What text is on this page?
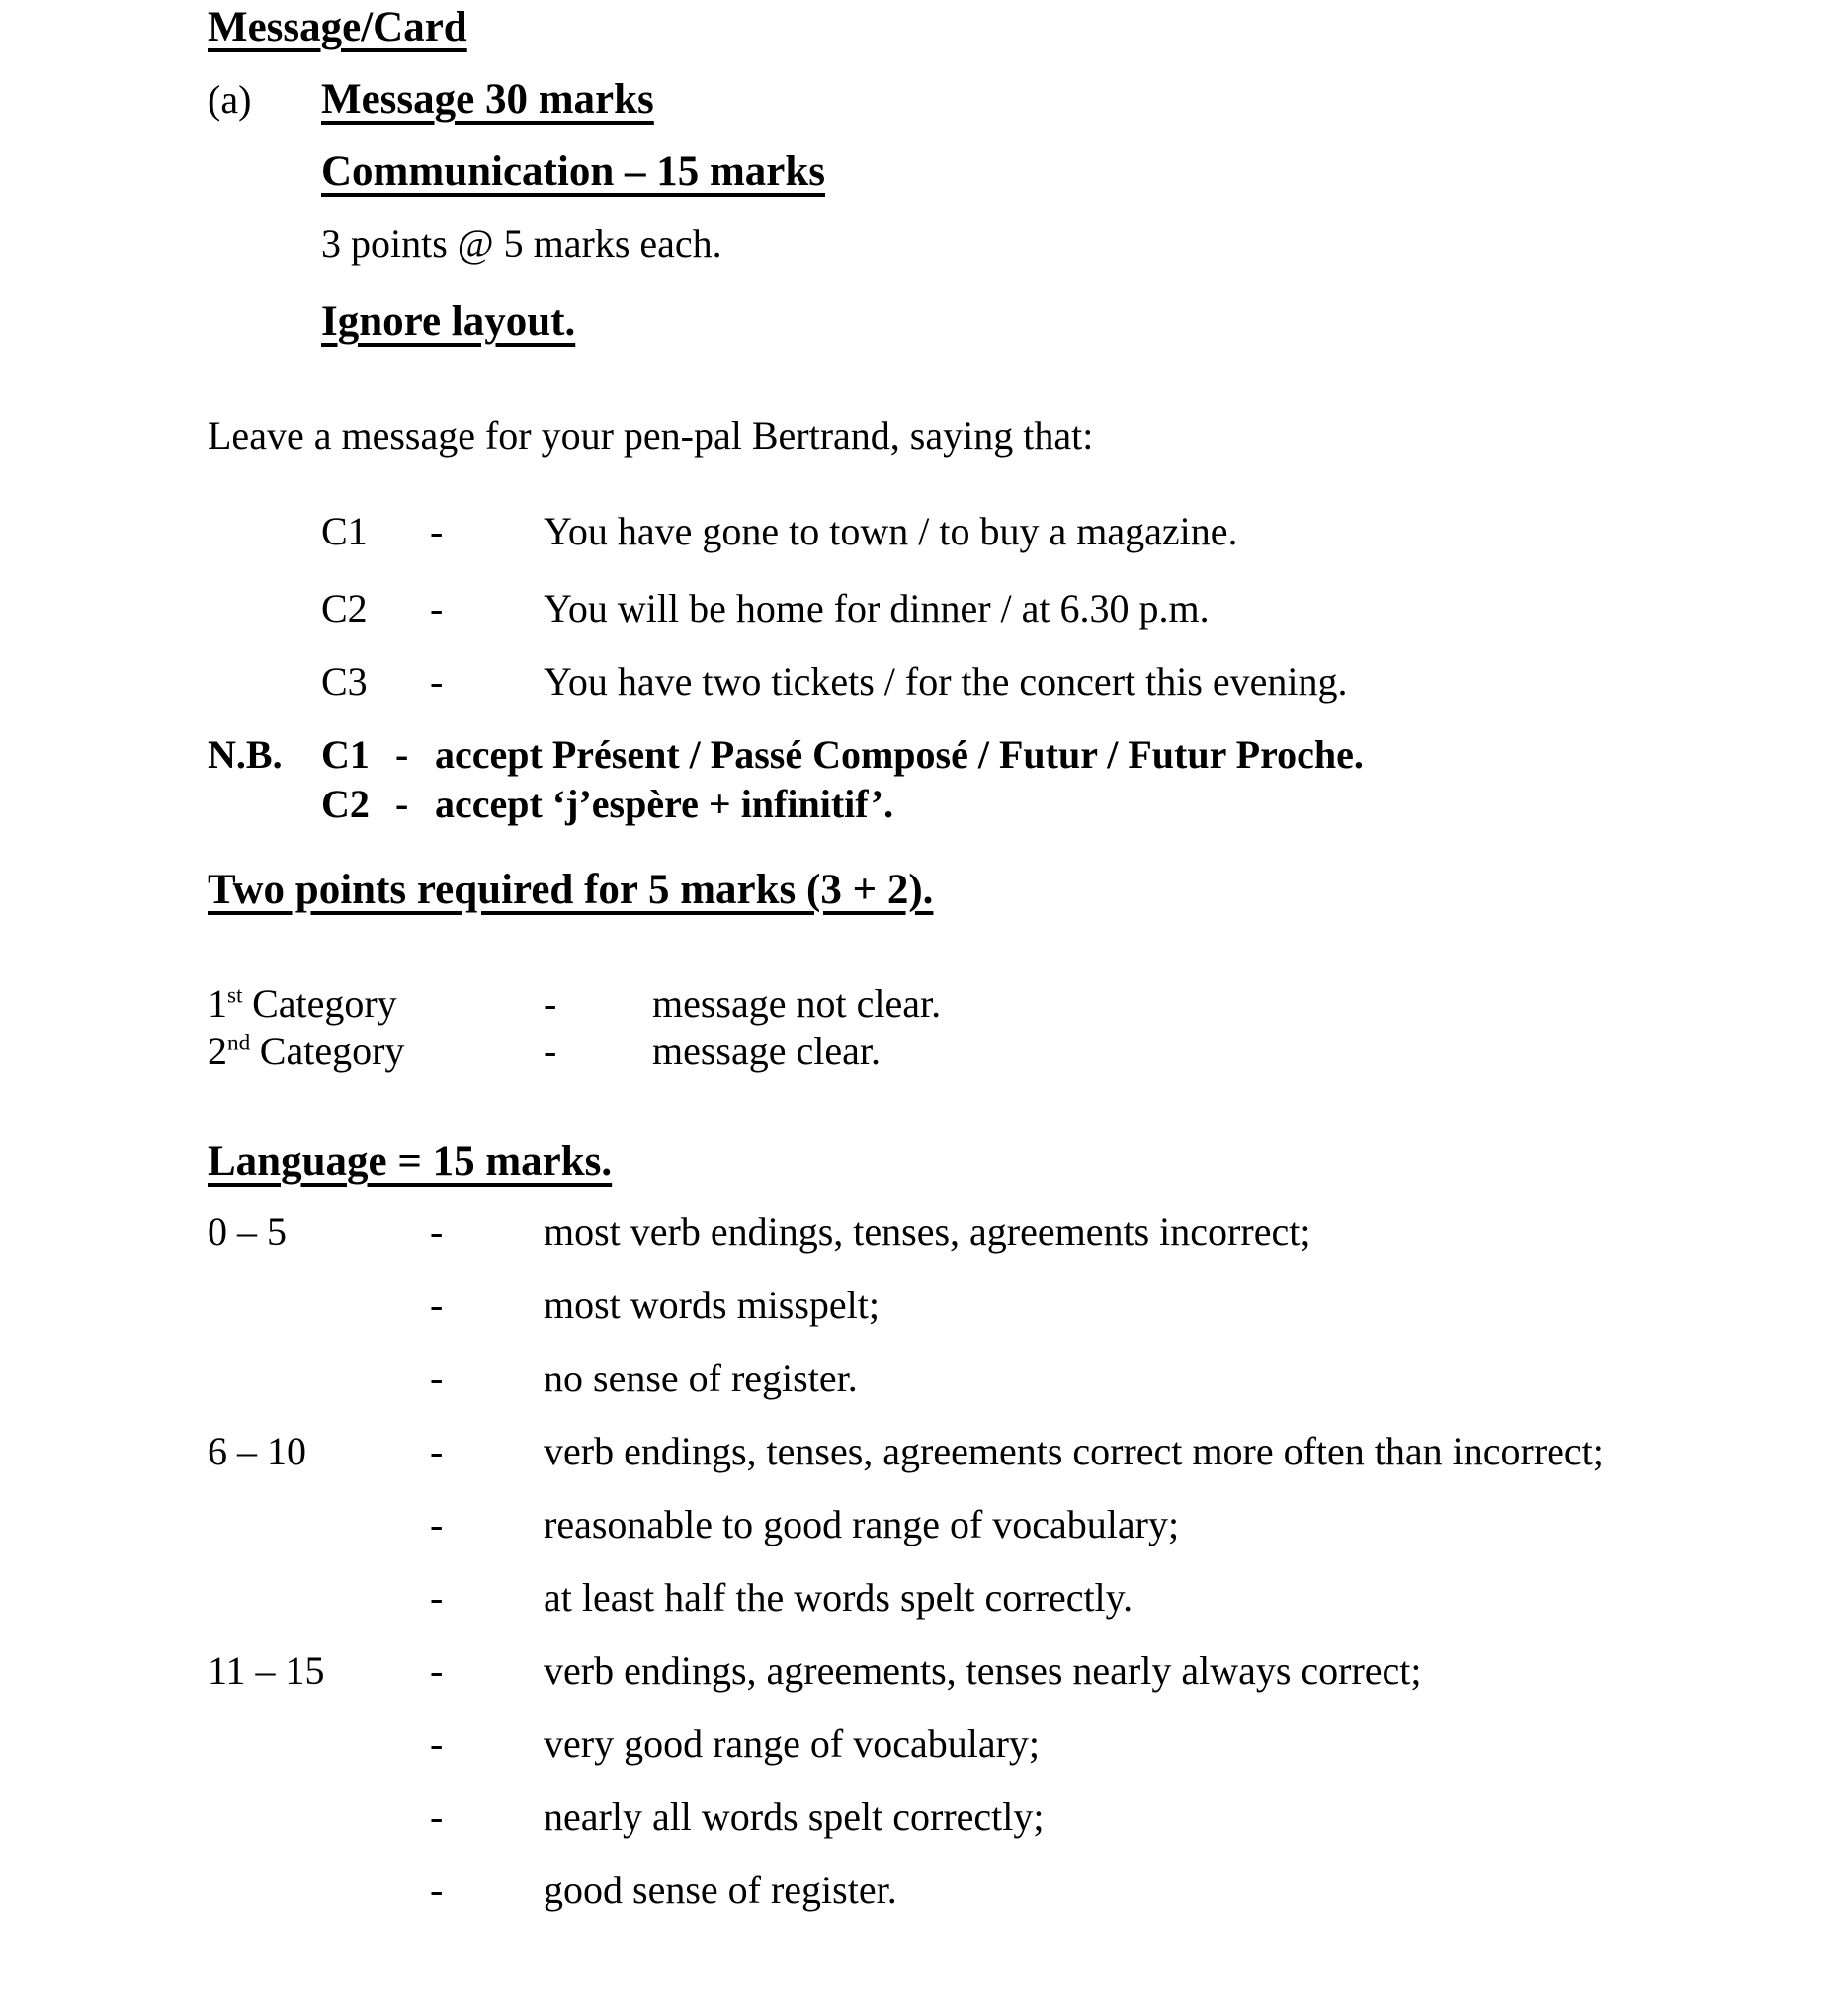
Message/Card
(a)	Message 30 marks
Communication – 15 marks
3 points @ 5 marks each.
Ignore layout.
Leave a message for your pen-pal Bertrand, saying that:
C1	-	You have gone to town / to buy a magazine.
C2	-	You will be home for dinner / at 6.30 p.m.
C3	-	You have two tickets / for the concert this evening.
N.B. C1 - accept Présent / Passé Composé / Futur / Futur Proche.
C2 - accept ‘j’espère + infinitif’.
Two points required for 5 marks (3 + 2).
1st Category	-	message not clear.
2nd Category	-	message clear.
Language = 15 marks.
0 – 5	-	most verb endings, tenses, agreements incorrect;
-	most words misspelt;
-	no sense of register.
6 – 10	-	verb endings, tenses, agreements correct more often than incorrect;
-	reasonable to good range of vocabulary;
-	at least half the words spelt correctly.
11 – 15	-	verb endings, agreements, tenses nearly always correct;
-	very good range of vocabulary;
-	nearly all words spelt correctly;
-	good sense of register.
